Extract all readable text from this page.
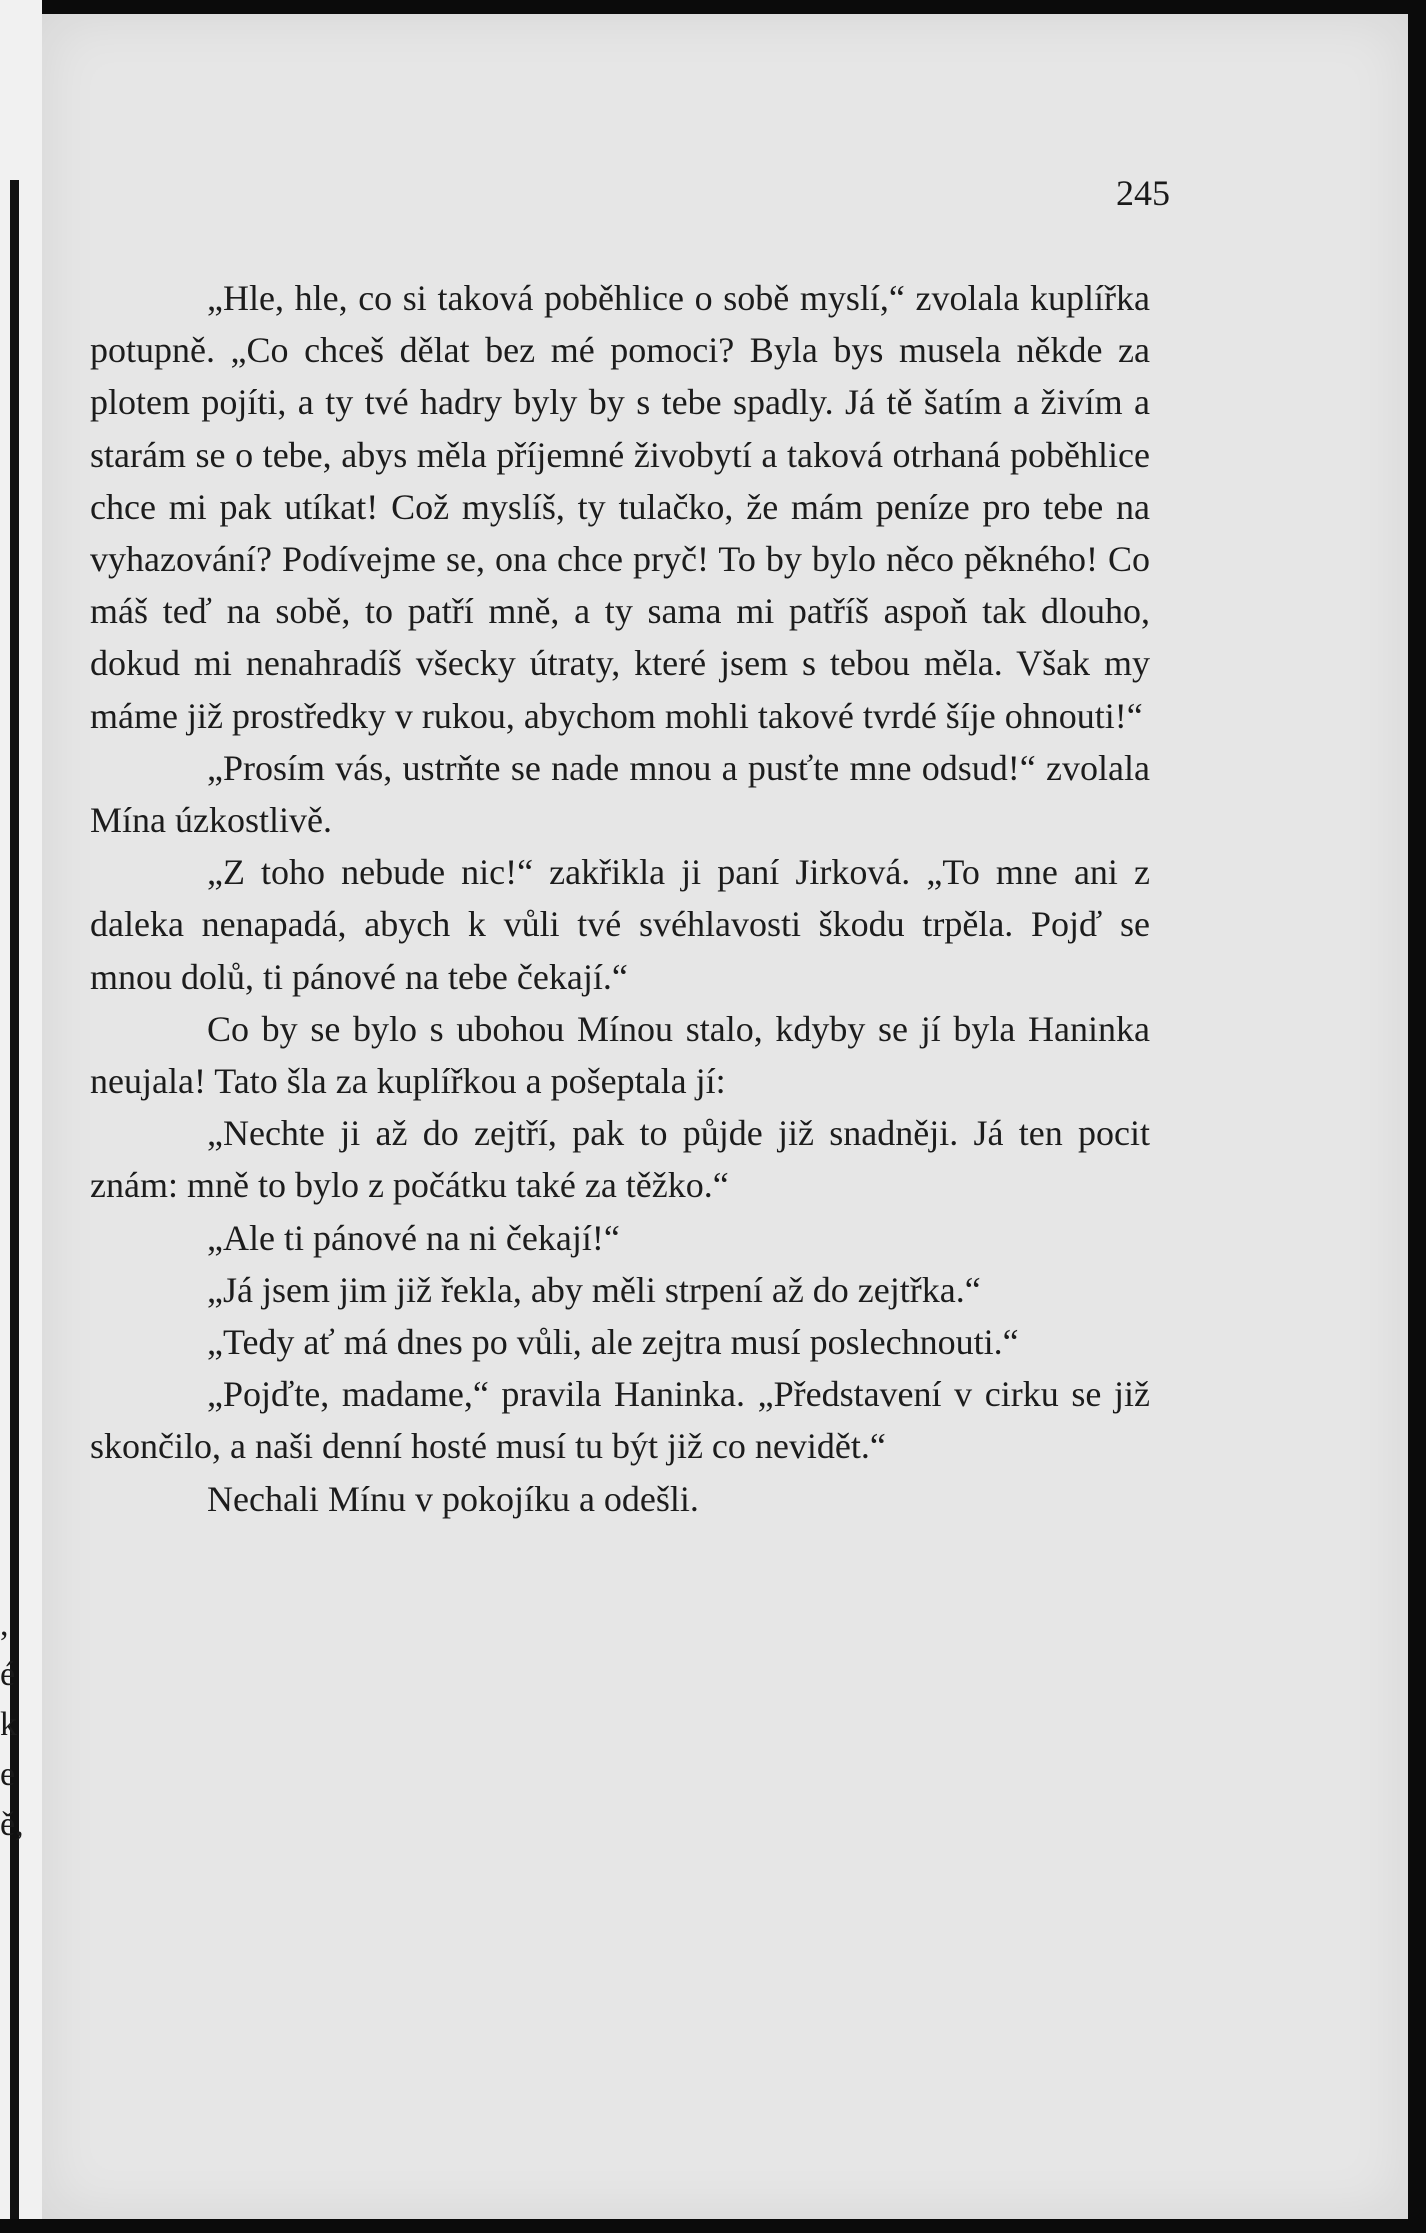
,
é
k
e
ě,
245

„Hle, hle, co si taková poběhlice o sobě myslí,“ zvolala kuplířka potupně. „Co chceš dělat bez mé pomoci? Byla bys musela někde za plotem pojíti, a ty tvé hadry byly by s tebe spadly. Já tě šatím a živím a starám se o tebe, abys měla příjemné živobytí a taková otrhaná poběhlice chce mi pak utíkat! Což myslíš, ty tulačko, že mám peníze pro tebe na vyhazování? Podívejme se, ona chce pryč! To by bylo něco pěkného! Co máš teď na sobě, to patří mně, a ty sama mi patříš aspoň tak dlouho, dokud mi nenahradíš všecky útraty, které jsem s tebou měla. Však my máme již prostředky v rukou, abychom mohli takové tvrdé šíje ohnouti!“

„Prosím vás, ustrňte se nade mnou a pusťte mne odsud!“ zvolala Mína úzkostlivě.

„Z toho nebude nic!“ zakřikla ji paní Jirková. „To mne ani z daleka nenapadá, abych k vůli tvé svéhlavosti škodu trpěla. Pojď se mnou dolů, ti pánové na tebe čekají.“

Co by se bylo s ubohou Mínou stalo, kdyby se jí byla Haninka neujala! Tato šla za kuplířkou a pošeptala jí:

„Nechte ji až do zejtří, pak to půjde již snadněji. Já ten pocit znám: mně to bylo z počátku také za těžko.“

„Ale ti pánové na ni čekají!“

„Já jsem jim již řekla, aby měli strpení až do zejtřka.“

„Tedy ať má dnes po vůli, ale zejtra musí poslechnouti.“

„Pojďte, madame,“ pravila Haninka. „Představení v cirku se již skončilo, a naši denní hosté musí tu být již co nevidět.“

Nechali Mínu v pokojíku a odešli.
